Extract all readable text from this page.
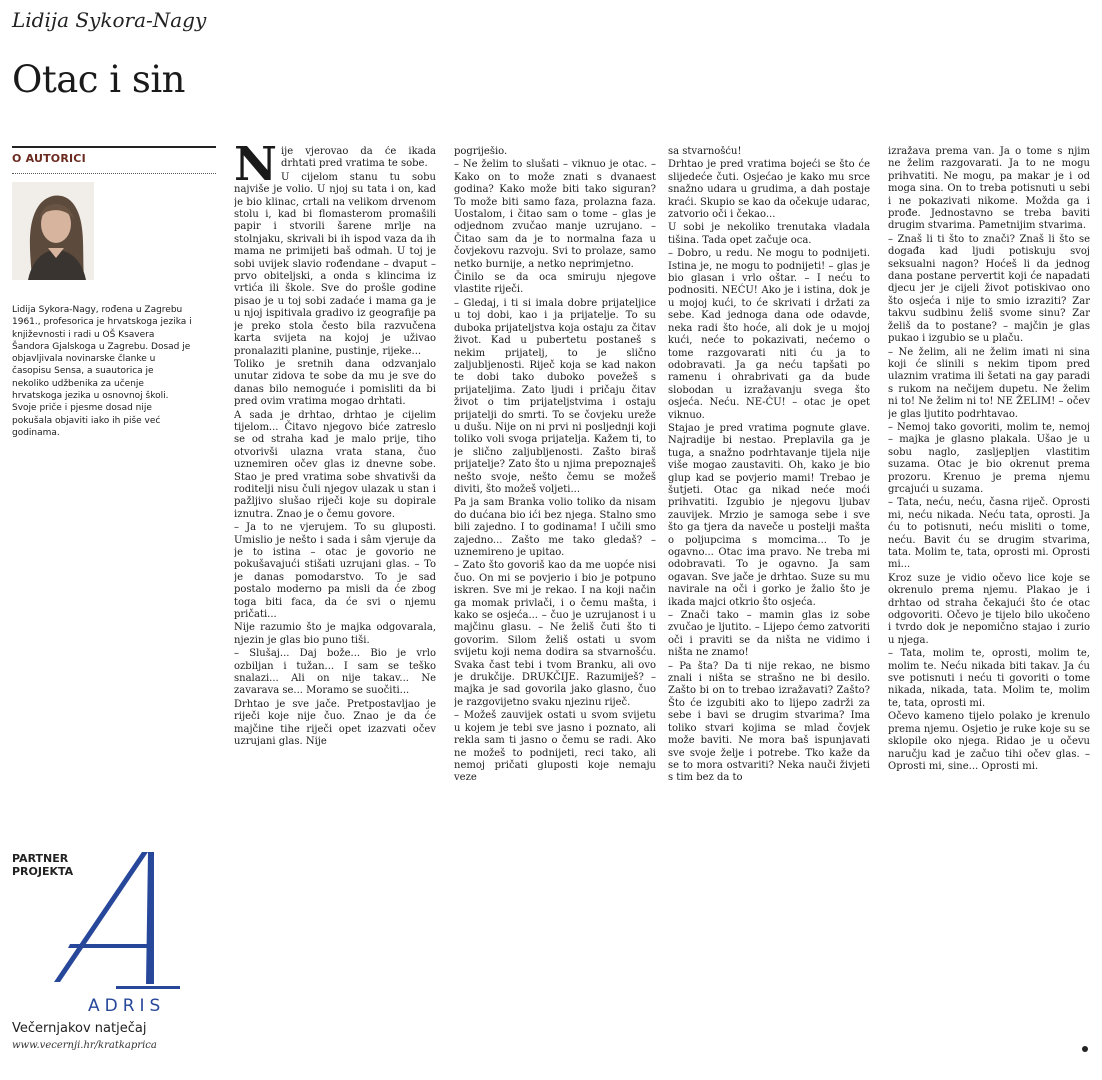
Lidija Sykora-Nagy
Otac i sin
O AUTORICI
Lidija Sykora-Nagy, rođena u Zagrebu 1961., profesorica je hrvatskoga jezika i književnosti i radi u OŠ Ksavera Šandora Gjalskoga u Zagrebu. Dosad je objavljivala novinarske članke u časopisu Sensa, a suautorica je nekoliko udžbenika za učenje hrvatskoga jezika u osnovnoj školi. Svoje priče i pjesme dosad nije pokušala objaviti iako ih piše već godinama.
PARTNER
PROJEKTA
ADRIS
Večernjakov natječaj
www.vecernji.hr/kratkaprica

Nije vjerovao da će ikada drhtati pred vratima te sobe.

U cijelom stanu tu sobu najviše je volio. U njoj su tata i on, kad je bio klinac, crtali na velikom drvenom stolu i, kad bi flomasterom promašili papir i stvorili šarene mrlje na stolnjaku, skrivali bi ih ispod vaza da ih mama ne primijeti baš odmah. U toj je sobi uvijek slavio rođendane – dvaput – prvo obiteljski, a onda s klincima iz vrtića ili škole. Sve do prošle godine pisao je u toj sobi zadaće i mama ga je u njoj ispitivala gradivo iz geografije pa je preko stola često bila razvučena karta svijeta na kojoj je uživao pronalaziti planine, pustinje, rijeke...

Toliko je sretnih dana odzvanjalo unutar zidova te sobe da mu je sve do danas bilo nemoguće i pomisliti da bi pred ovim vratima mogao drhtati.

A sada je drhtao, drhtao je cijelim tijelom... Čitavo njegovo biće zatreslo se od straha kad je malo prije, tiho otvorivši ulazna vrata stana, čuo uznemiren očev glas iz dnevne sobe. Stao je pred vratima sobe shvativši da roditelji nisu čuli njegov ulazak u stan i pažljivo slušao riječi koje su dopirale iznutra. Znao je o čemu govore.

– Ja to ne vjerujem. To su gluposti. Umislio je nešto i sada i sâm vjeruje da je to istina – otac je govorio ne pokušavajući stišati uzrujani glas. – To je danas pomodarstvo. To je sad postalo moderno pa misli da će zbog toga biti faca, da će svi o njemu pričati...

Nije razumio što je majka odgovarala, njezin je glas bio puno tiši.

– Slušaj... Daj bože... Bio je vrlo ozbiljan i tužan... I sam se teško snalazi... Ali on nije takav... Ne zavarava se... Moramo se suočiti...

Drhtao je sve jače. Pretpostavljao je riječi koje nije čuo. Znao je da će majčine tihe riječi opet izazvati očev uzrujani glas. Nije

pogriješio.

– Ne želim to slušati – viknuo je otac. – Kako on to može znati s dvanaest godina? Kako može biti tako siguran? To može biti samo faza, prolazna faza. Uostalom, i čitao sam o tome – glas je odjednom zvučao manje uzrujano. – Čitao sam da je to normalna faza u čovjekovu razvoju. Svi to prolaze, samo netko burnije, a netko neprimjetno.

Činilo se da oca smiruju njegove vlastite riječi.

– Gledaj, i ti si imala dobre prijateljice u toj dobi, kao i ja prijatelje. To su duboka prijateljstva koja ostaju za čitav život. Kad u pubertetu postaneš s nekim prijatelj, to je slično zaljubljenosti. Riječ koja se kad nakon te dobi tako duboko povežeš s prijateljima. Zato ljudi i pričaju čitav život o tim prijateljstvima i ostaju prijatelji do smrti. To se čovjeku ureže u dušu. Nije on ni prvi ni posljednji koji toliko voli svoga prijatelja. Kažem ti, to je slično zaljubljenosti. Zašto biraš prijatelje? Zato što u njima prepoznaješ nešto svoje, nešto čemu se možeš diviti, što možeš voljeti...

Pa ja sam Branka volio toliko da nisam do dućana bio ići bez njega. Stalno smo bili zajedno. I to godinama! I učili smo zajedno... Zašto me tako gledaš? – uznemireno je upitao.

– Zato što govoriš kao da me uopće nisi čuo. On mi se povjerio i bio je potpuno iskren. Sve mi je rekao. I na koji način ga momak privlači, i o čemu mašta, i kako se osjeća... – čuo je uzrujanost i u majčinu glasu. – Ne želiš čuti što ti govorim. Silom želiš ostati u svom svijetu koji nema dodira sa stvarnošću. Svaka čast tebi i tvom Branku, ali ovo je drukčije. DRUKČIJE. Razumiješ? – majka je sad govorila jako glasno, čuo je razgovijetno svaku njezinu riječ.

– Možeš zauvijek ostati u svom svijetu u kojem je tebi sve jasno i poznato, ali rekla sam ti jasno o čemu se radi. Ako ne možeš to podnijeti, reci tako, ali nemoj pričati gluposti koje nemaju veze

sa stvarnošću!

Drhtao je pred vratima bojeći se što će slijedeće čuti. Osjećao je kako mu srce snažno udara u grudima, a dah postaje kraći. Skupio se kao da očekuje udarac, zatvorio oči i čekao...

U sobi je nekoliko trenutaka vladala tišina. Tada opet začuje oca.

– Dobro, u redu. Ne mogu to podnijeti. Istina je, ne mogu to podnijeti! – glas je bio glasan i vrlo oštar. – I neću to podnositi. NEĆU! Ako je i istina, dok je u mojoj kući, to će skrivati i držati za sebe. Kad jednoga dana ode odavde, neka radi što hoće, ali dok je u mojoj kući, neće to pokazivati, nećemo o tome razgovarati niti ću ja to odobravati. Ja ga neću tapšati po ramenu i ohrabrivati ga da bude slobodan u izražavanju svega što osjeća. Neću. NE-ĆU! – otac je opet viknuo.

Stajao je pred vratima pognute glave. Najradije bi nestao. Preplavila ga je tuga, a snažno podrhtavanje tijela nije više mogao zaustaviti. Oh, kako je bio glup kad se povjerio mami! Trebao je šutjeti. Otac ga nikad neće moći prihvatiti. Izgubio je njegovu ljubav zauvijek. Mrzio je samoga sebe i sve što ga tjera da naveče u postelji mašta o poljupcima s momcima... To je ogavno... Otac ima pravo. Ne treba mi odobravati. To je ogavno. Ja sam ogavan. Sve jače je drhtao. Suze su mu navirale na oči i gorko je žalio što je ikada majci otkrio što osjeća.

– Znači tako – mamin glas iz sobe zvučao je ljutito. – Lijepo ćemo zatvoriti oči i praviti se da ništa ne vidimo i ništa ne znamo!

– Pa šta? Da ti nije rekao, ne bismo znali i ništa se strašno ne bi desilo. Zašto bi on to trebao izražavati? Zašto? Što će izgubiti ako to lijepo zadrži za sebe i bavi se drugim stvarima? Ima toliko stvari kojima se mlad čovjek može baviti. Ne mora baš ispunjavati sve svoje želje i potrebe. Tko kaže da se to mora ostvariti? Neka nauči živjeti s tim bez da to

izražava prema van. Ja o tome s njim ne želim razgovarati. Ja to ne mogu prihvatiti. Ne mogu, pa makar je i od moga sina. On to treba potisnuti u sebi i ne pokazivati nikome. Možda ga i prođe. Jednostavno se treba baviti drugim stvarima. Pametnijim stvarima.

– Znaš li ti što to znači? Znaš li što se događa kad ljudi potiskuju svoj seksualni nagon? Hoćeš li da jednog dana postane pervertit koji će napadati djecu jer je cijeli život potiskivao ono što osjeća i nije to smio izraziti? Zar takvu sudbinu želiš svome sinu? Zar želiš da to postane? – majčin je glas pukao i izgubio se u plaču.

– Ne želim, ali ne želim imati ni sina koji će slinili s nekim tipom pred ulaznim vratima ili šetati na gay paradi s rukom na nečijem dupetu. Ne želim ni to! Ne želim ni to! NE ŽELIM! – očev je glas ljutito podrhtavao.

– Nemoj tako govoriti, molim te, nemoj – majka je glasno plakala. Ušao je u sobu naglo, zasljepljen vlastitim suzama. Otac je bio okrenut prema prozoru. Krenuo je prema njemu grcajući u suzama.

– Tata, neću, neću, časna riječ. Oprosti mi, neću nikada. Neću tata, oprosti. Ja ću to potisnuti, neću misliti o tome, neću. Bavit ću se drugim stvarima, tata. Molim te, tata, oprosti mi. Oprosti mi...

Kroz suze je vidio očevo lice koje se okrenulo prema njemu. Plakao je i drhtao od straha čekajući što će otac odgovoriti. Očevo je tijelo bilo ukočeno i tvrdo dok je nepomično stajao i zurio u njega.

– Tata, molim te, oprosti, molim te, molim te. Neću nikada biti takav. Ja ću sve potisnuti i neću ti govoriti o tome nikada, nikada, tata. Molim te, molim te, tata, oprosti mi.

Očevo kameno tijelo polako je krenulo prema njemu. Osjetio je ruke koje su se sklopile oko njega. Ridao je u očevu naručju kad je začuo tihi očev glas. – Oprosti mi, sine... Oprosti mi.
